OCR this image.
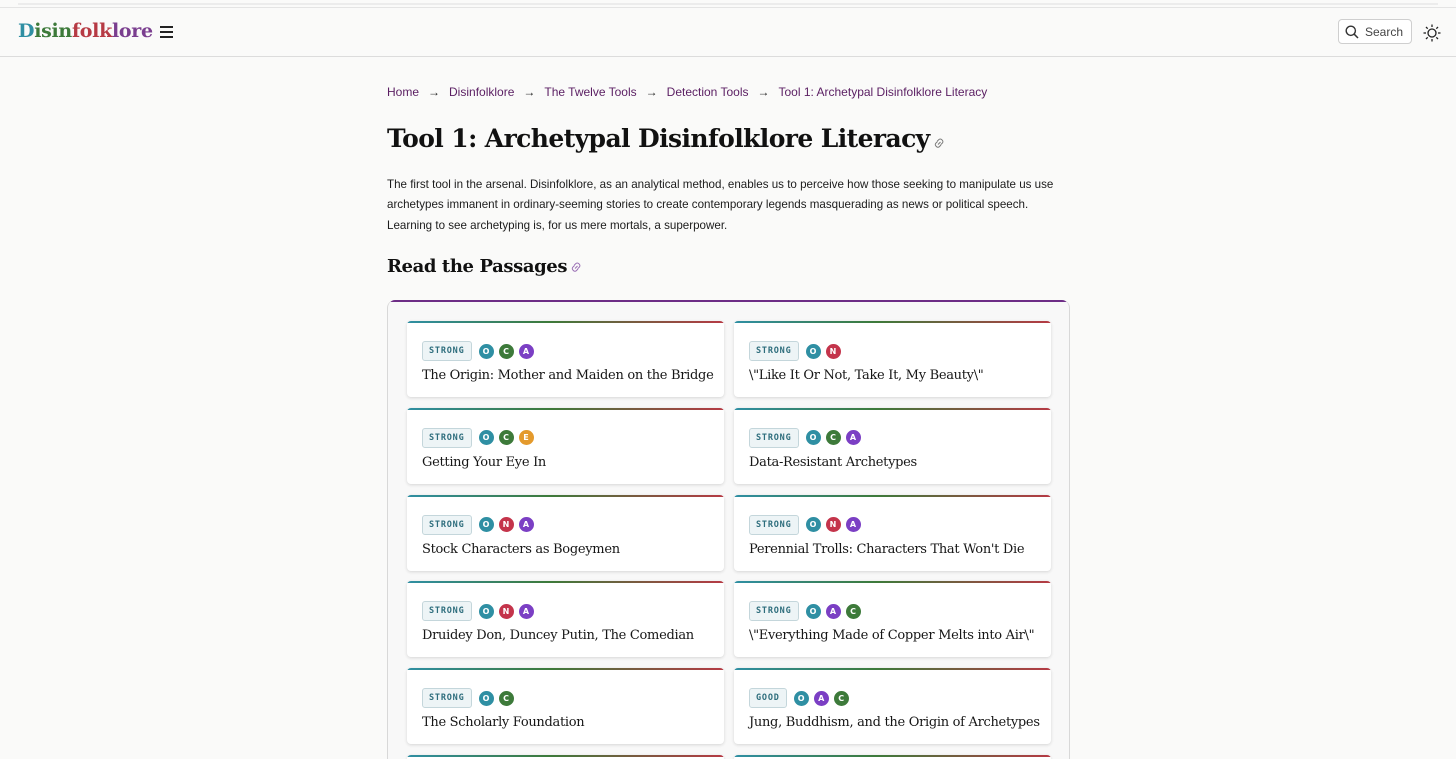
Disinfolklore	Search
Home → Disinfolklore → The Twelve Tools → Detection Tools → Tool 1: Archetypal Disinfolklore Literacy
Tool 1: Archetypal Disinfolklore Literacy

The first tool in the arsenal. Disinfolklore, as an analytical method, enables us to perceive how those seeking to manipulate us use archetypes immanent in ordinary-seeming stories to create contemporary legends masquerading as news or political speech. Learning to see archetyping is, for us mere mortals, a superpower.

Read the Passages
STRONG	O	C	A
The Origin: Mother and Maiden on the Bridge
STRONG	O	N
\"Like It Or Not, Take It, My Beauty\"
STRONG	O	C	E
Getting Your Eye In
STRONG	O	C	A
Data-Resistant Archetypes
STRONG	O	N	A
Stock Characters as Bogeymen
STRONG	O	N	A
Perennial Trolls: Characters That Won't Die
STRONG	O	N	A
Druidey Don, Duncey Putin, The Comedian
STRONG	O	A	C
\"Everything Made of Copper Melts into Air\"
STRONG	O	C
The Scholarly Foundation
GOOD	O	A	C
Jung, Buddhism, and the Origin of Archetypes
